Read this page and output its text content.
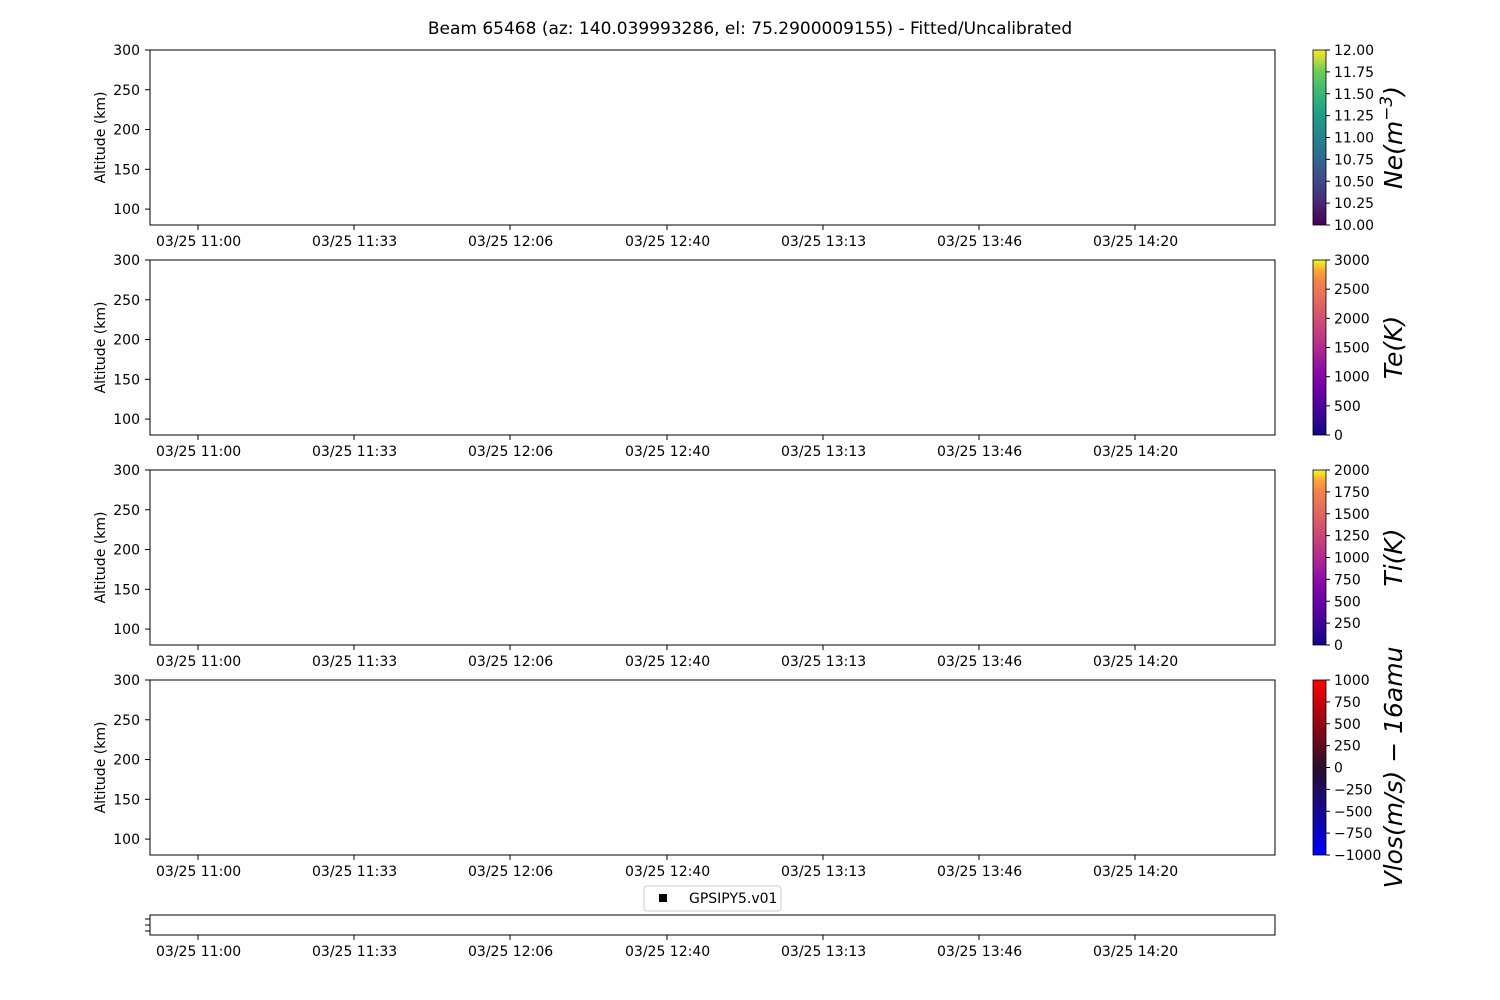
Beam 65468 (az: 140.039993286, el: 75.2900009155) - Fitted/Uncalibrated
03/25 11:00	03/25 11:33	03/25 12:06	03/25 12:40	03/25 13:13	03/25 13:46	03/25 14:20
100
150
200
250
300
Altitude (km)
10.00
10.25
10.50
10.75
11.00
11.25
11.50
11.75
12.00
$Ne(m^{-3})$
03/25 11:00	03/25 11:33	03/25 12:06	03/25 12:40	03/25 13:13	03/25 13:46	03/25 14:20
100
150
200
250
300
Altitude (km)
0
500
1000
1500
2000
2500
3000
Te(K)
03/25 11:00	03/25 11:33	03/25 12:06	03/25 12:40	03/25 13:13	03/25 13:46	03/25 14:20
100
150
200
250
300
Altitude (km)
0
250
500
750
1000
1250
1500
1750
2000
Ti(K)
03/25 11:00	03/25 11:33	03/25 12:06	03/25 12:40	03/25 13:13	03/25 13:46	03/25 14:20
100
150
200
250
300
Altitude (km)
−1000
−750
−500
−250
0
250
500
750
1000 Vlos(m/s) − 16amu
03/25 11:00	03/25 11:33	03/25 12:06	03/25 12:40	03/25 13:13	03/25 13:46	03/25 14:20
GPSIPY5.v01
